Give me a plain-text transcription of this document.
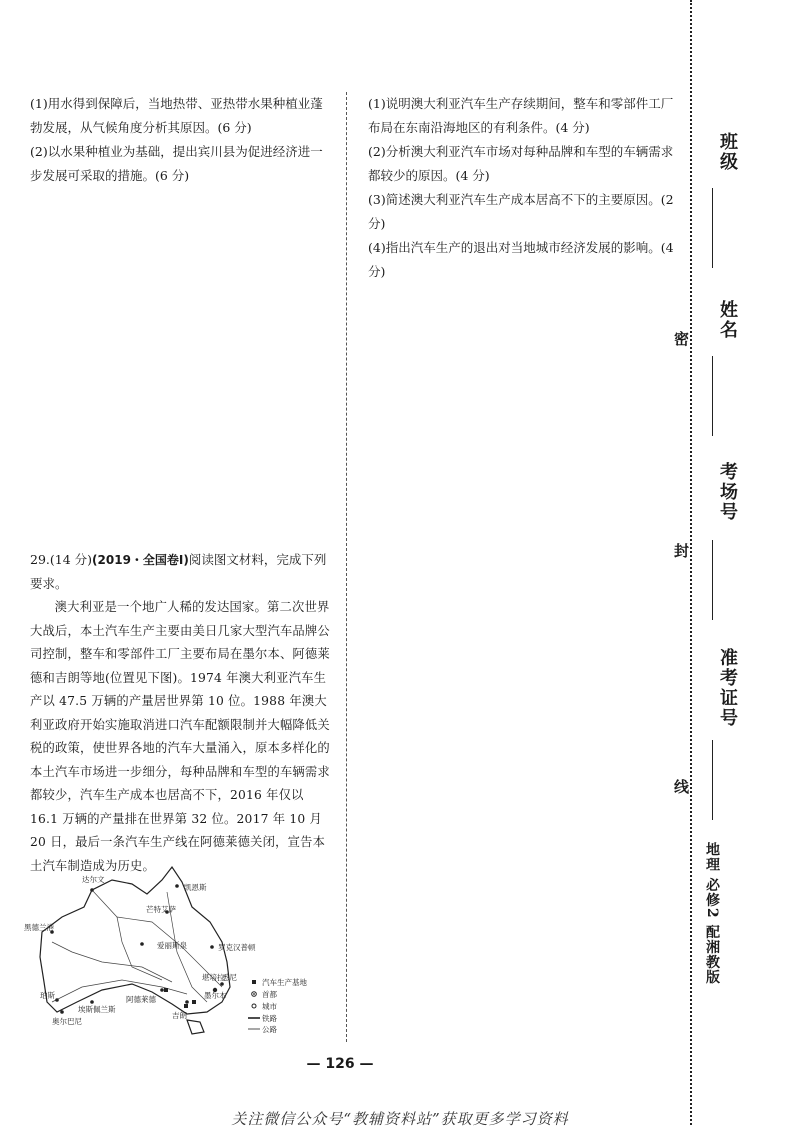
(1)用水得到保障后，当地热带、亚热带水果种植业蓬勃发展，从气候角度分析其原因。(6 分)

(2)以水果种植业为基础，提出宾川县为促进经济进一步发展可采取的措施。(6 分)

(1)说明澳大利亚汽车生产存续期间，整车和零部件工厂布局在东南沿海地区的有利条件。(4 分)

(2)分析澳大利亚汽车市场对每种品牌和车型的车辆需求都较少的原因。(4 分)

(3)简述澳大利亚汽车生产成本居高不下的主要原因。(2 分)

(4)指出汽车生产的退出对当地城市经济发展的影响。(4 分)

29.(14 分)(2019・全国卷Ⅰ)阅读图文材料，完成下列要求。

澳大利亚是一个地广人稀的发达国家。第二次世界大战后，本土汽车生产主要由美日几家大型汽车品牌公司控制，整车和零部件工厂主要布局在墨尔本、阿德莱德和吉朗等地(位置见下图)。1974 年澳大利亚汽车生产以 47.5 万辆的产量居世界第 10 位。1988 年澳大利亚政府开始实施取消进口汽车配额限制并大幅降低关税的政策，使世界各地的汽车大量涌入，原本多样化的本土汽车市场进一步细分，每种品牌和车型的车辆需求都较少，汽车生产成本也居高不下，2016 年仅以 16.1 万辆的产量排在世界第 32 位。2017 年 10 月 20 日，最后一条汽车生产线在阿德莱德关闭，宣告本土汽车制造成为历史。

达尔文
凯恩斯
芒特艾萨
黑德兰港
爱丽斯泉	罗克汉普顿
堪培拉
阿德莱德
吉朗
墨尔本
珀斯
埃斯佩兰斯
奥尔巴尼
悉尼
汽车生产基地
首都
城市
铁路
公路
— 126 —
关注微信公众号“教辅资料站”获取更多学习资料
班级
姓名
密
考场号
封
准考证号
线
地理 必修2 配湘教版
